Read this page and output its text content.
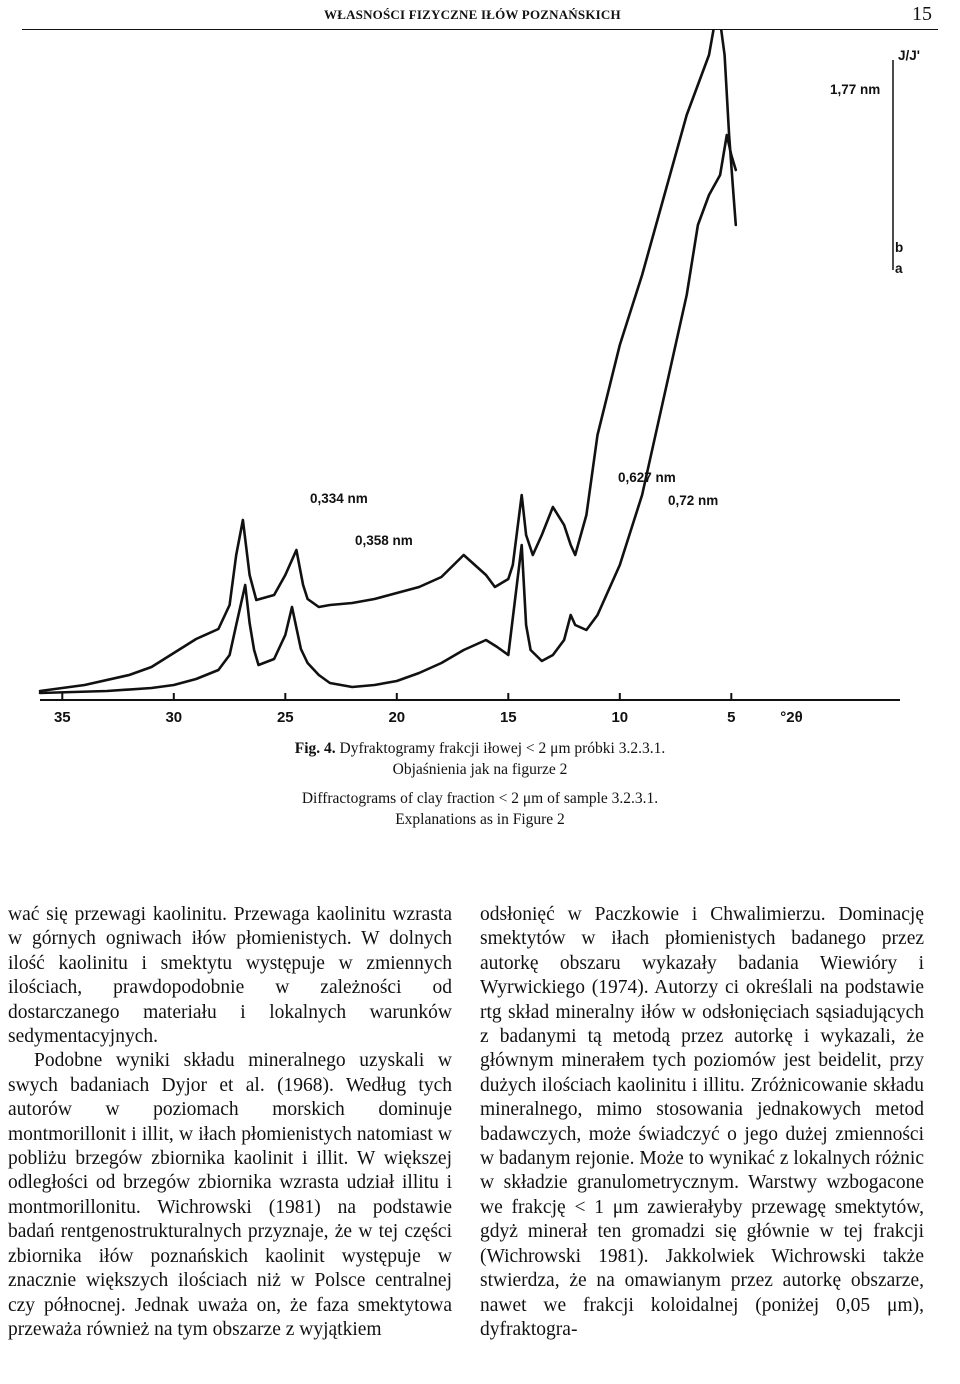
WŁASNOŚCI FIZYCZNE IŁÓW POZNAŃSKICH	15
35	30	25	20	15	10	5	°2θ
0,334 nm
0,358 nm
0,627 nm
0,72 nm
1,77 nm
J/J'
b
a
Fig. 4. Dyfraktogramy frakcji iłowej < 2 μm próbki 3.2.3.1.
Objaśnienia jak na figurze 2
Diffractograms of clay fraction < 2 μm of sample 3.2.3.1.
Explanations as in Figure 2

wać się przewagi kaolinitu. Przewaga kaolinitu wzrasta w górnych ogniwach iłów płomienistych. W dolnych ilość kaolinitu i smektytu występuje w zmiennych ilościach, prawdopodobnie w zależności od dostarczanego materiału i lokalnych warunków sedymentacyjnych.

Podobne wyniki składu mineralnego uzyskali w swych badaniach Dyjor et al. (1968). Według tych autorów w poziomach morskich dominuje montmorillonit i illit, w iłach płomienistych natomiast w pobliżu brzegów zbiornika kaolinit i illit. W większej odległości od brzegów zbiornika wzrasta udział illitu i montmorillonitu. Wichrowski (1981) na podstawie badań rentgenostrukturalnych przyznaje, że w tej części zbiornika iłów poznańskich kaolinit występuje w znacznie większych ilościach niż w Polsce centralnej czy północnej. Jednak uważa on, że faza smektytowa przeważa również na tym obszarze z wyjątkiem

odsłonięć w Paczkowie i Chwalimierzu. Dominację smektytów w iłach płomienistych badanego przez autorkę obszaru wykazały badania Wiewióry i Wyrwickiego (1974). Autorzy ci określali na podstawie rtg skład mineralny iłów w odsłonięciach sąsiadujących z badanymi tą metodą przez autorkę i wykazali, że głównym minerałem tych poziomów jest beidelit, przy dużych ilościach kaolinitu i illitu. Zróżnicowanie składu mineralnego, mimo stosowania jednakowych metod badawczych, może świadczyć o jego dużej zmienności w badanym rejonie. Może to wynikać z lokalnych różnic w składzie granulometrycznym. Warstwy wzbogacone we frakcję < 1 μm zawierałyby przewagę smektytów, gdyż minerał ten gromadzi się głównie w tej frakcji (Wichrowski 1981). Jakkolwiek Wichrowski także stwierdza, że na omawianym przez autorkę obszarze, nawet we frakcji koloidalnej (poniżej 0,05 μm), dyfraktogra-
